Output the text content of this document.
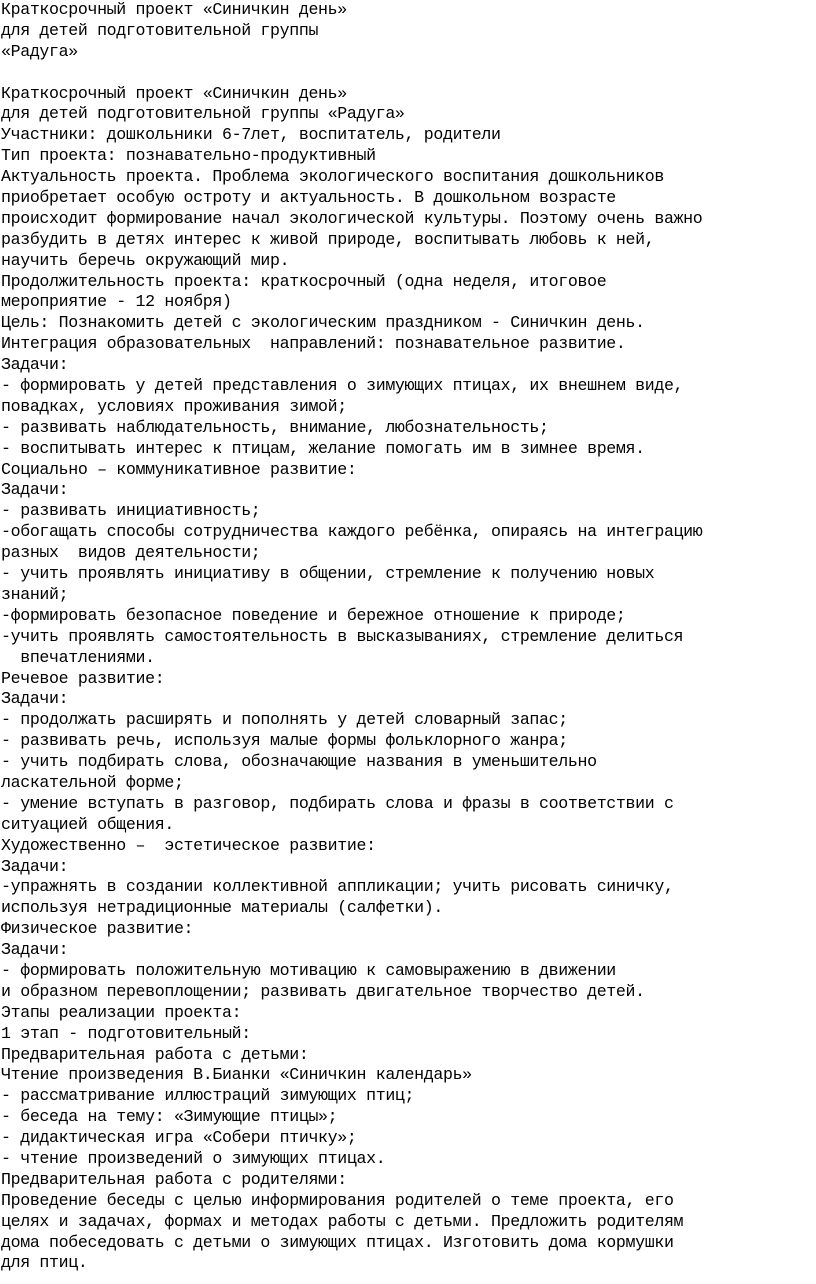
Краткосрочный проект «Синичкин день»
для детей подготовительной группы
«Радуга»
Краткосрочный проект «Синичкин день»
для детей подготовительной группы «Радуга»
Участники: дошкольники 6-7лет, воспитатель, родители
Тип проекта: познавательно-продуктивный
Актуальность проекта. Проблема экологического воспитания дошкольников
приобретает особую остроту и актуальность. В дошкольном возрасте
происходит формирование начал экологической культуры. Поэтому очень важно
разбудить в детях интерес к живой природе, воспитывать любовь к ней,
научить беречь окружающий мир.
Продолжительность проекта: краткосрочный (одна неделя, итоговое
мероприятие - 12 ноября)
Цель: Познакомить детей с экологическим праздником - Синичкин день.
Интеграция образовательных  направлений: познавательное развитие.
Задачи:
- формировать у детей представления о зимующих птицах, их внешнем виде,
повадках, условиях проживания зимой;
- развивать наблюдательность, внимание, любознательность;
- воспитывать интерес к птицам, желание помогать им в зимнее время.
Социально – коммуникативное развитие:
Задачи:
- развивать инициативность;
-обогащать способы сотрудничества каждого ребёнка, опираясь на интеграцию
разных  видов деятельности;
- учить проявлять инициативу в общении, стремление к получению новых
знаний;
-формировать безопасное поведение и бережное отношение к природе;
-учить проявлять самостоятельность в высказываниях, стремление делиться
впечатлениями.
Речевое развитие:
Задачи:
- продолжать расширять и пополнять у детей словарный запас;
- развивать речь, используя малые формы фольклорного жанра;
- учить подбирать слова, обозначающие названия в уменьшительно
ласкательной форме;
- умение вступать в разговор, подбирать слова и фразы в соответствии с
ситуацией общения.
Художественно –  эстетическое развитие:
Задачи:
-упражнять в создании коллективной аппликации; учить рисовать синичку,
используя нетрадиционные материалы (салфетки).
Физическое развитие:
Задачи:
- формировать положительную мотивацию к самовыражению в движении
и образном перевоплощении; развивать двигательное творчество детей.
Этапы реализации проекта:
1 этап - подготовительный:
Предварительная работа с детьми:
Чтение произведения В.Бианки «Синичкин календарь»
- рассматривание иллюстраций зимующих птиц;
- беседа на тему: «Зимующие птицы»;
- дидактическая игра «Собери птичку»;
- чтение произведений о зимующих птицах.
Предварительная работа с родителями:
Проведение беседы с целью информирования родителей о теме проекта, его
целях и задачах, формах и методах работы с детьми. Предложить родителям
дома побеседовать с детьми о зимующих птицах. Изготовить дома кормушки
для птиц.
